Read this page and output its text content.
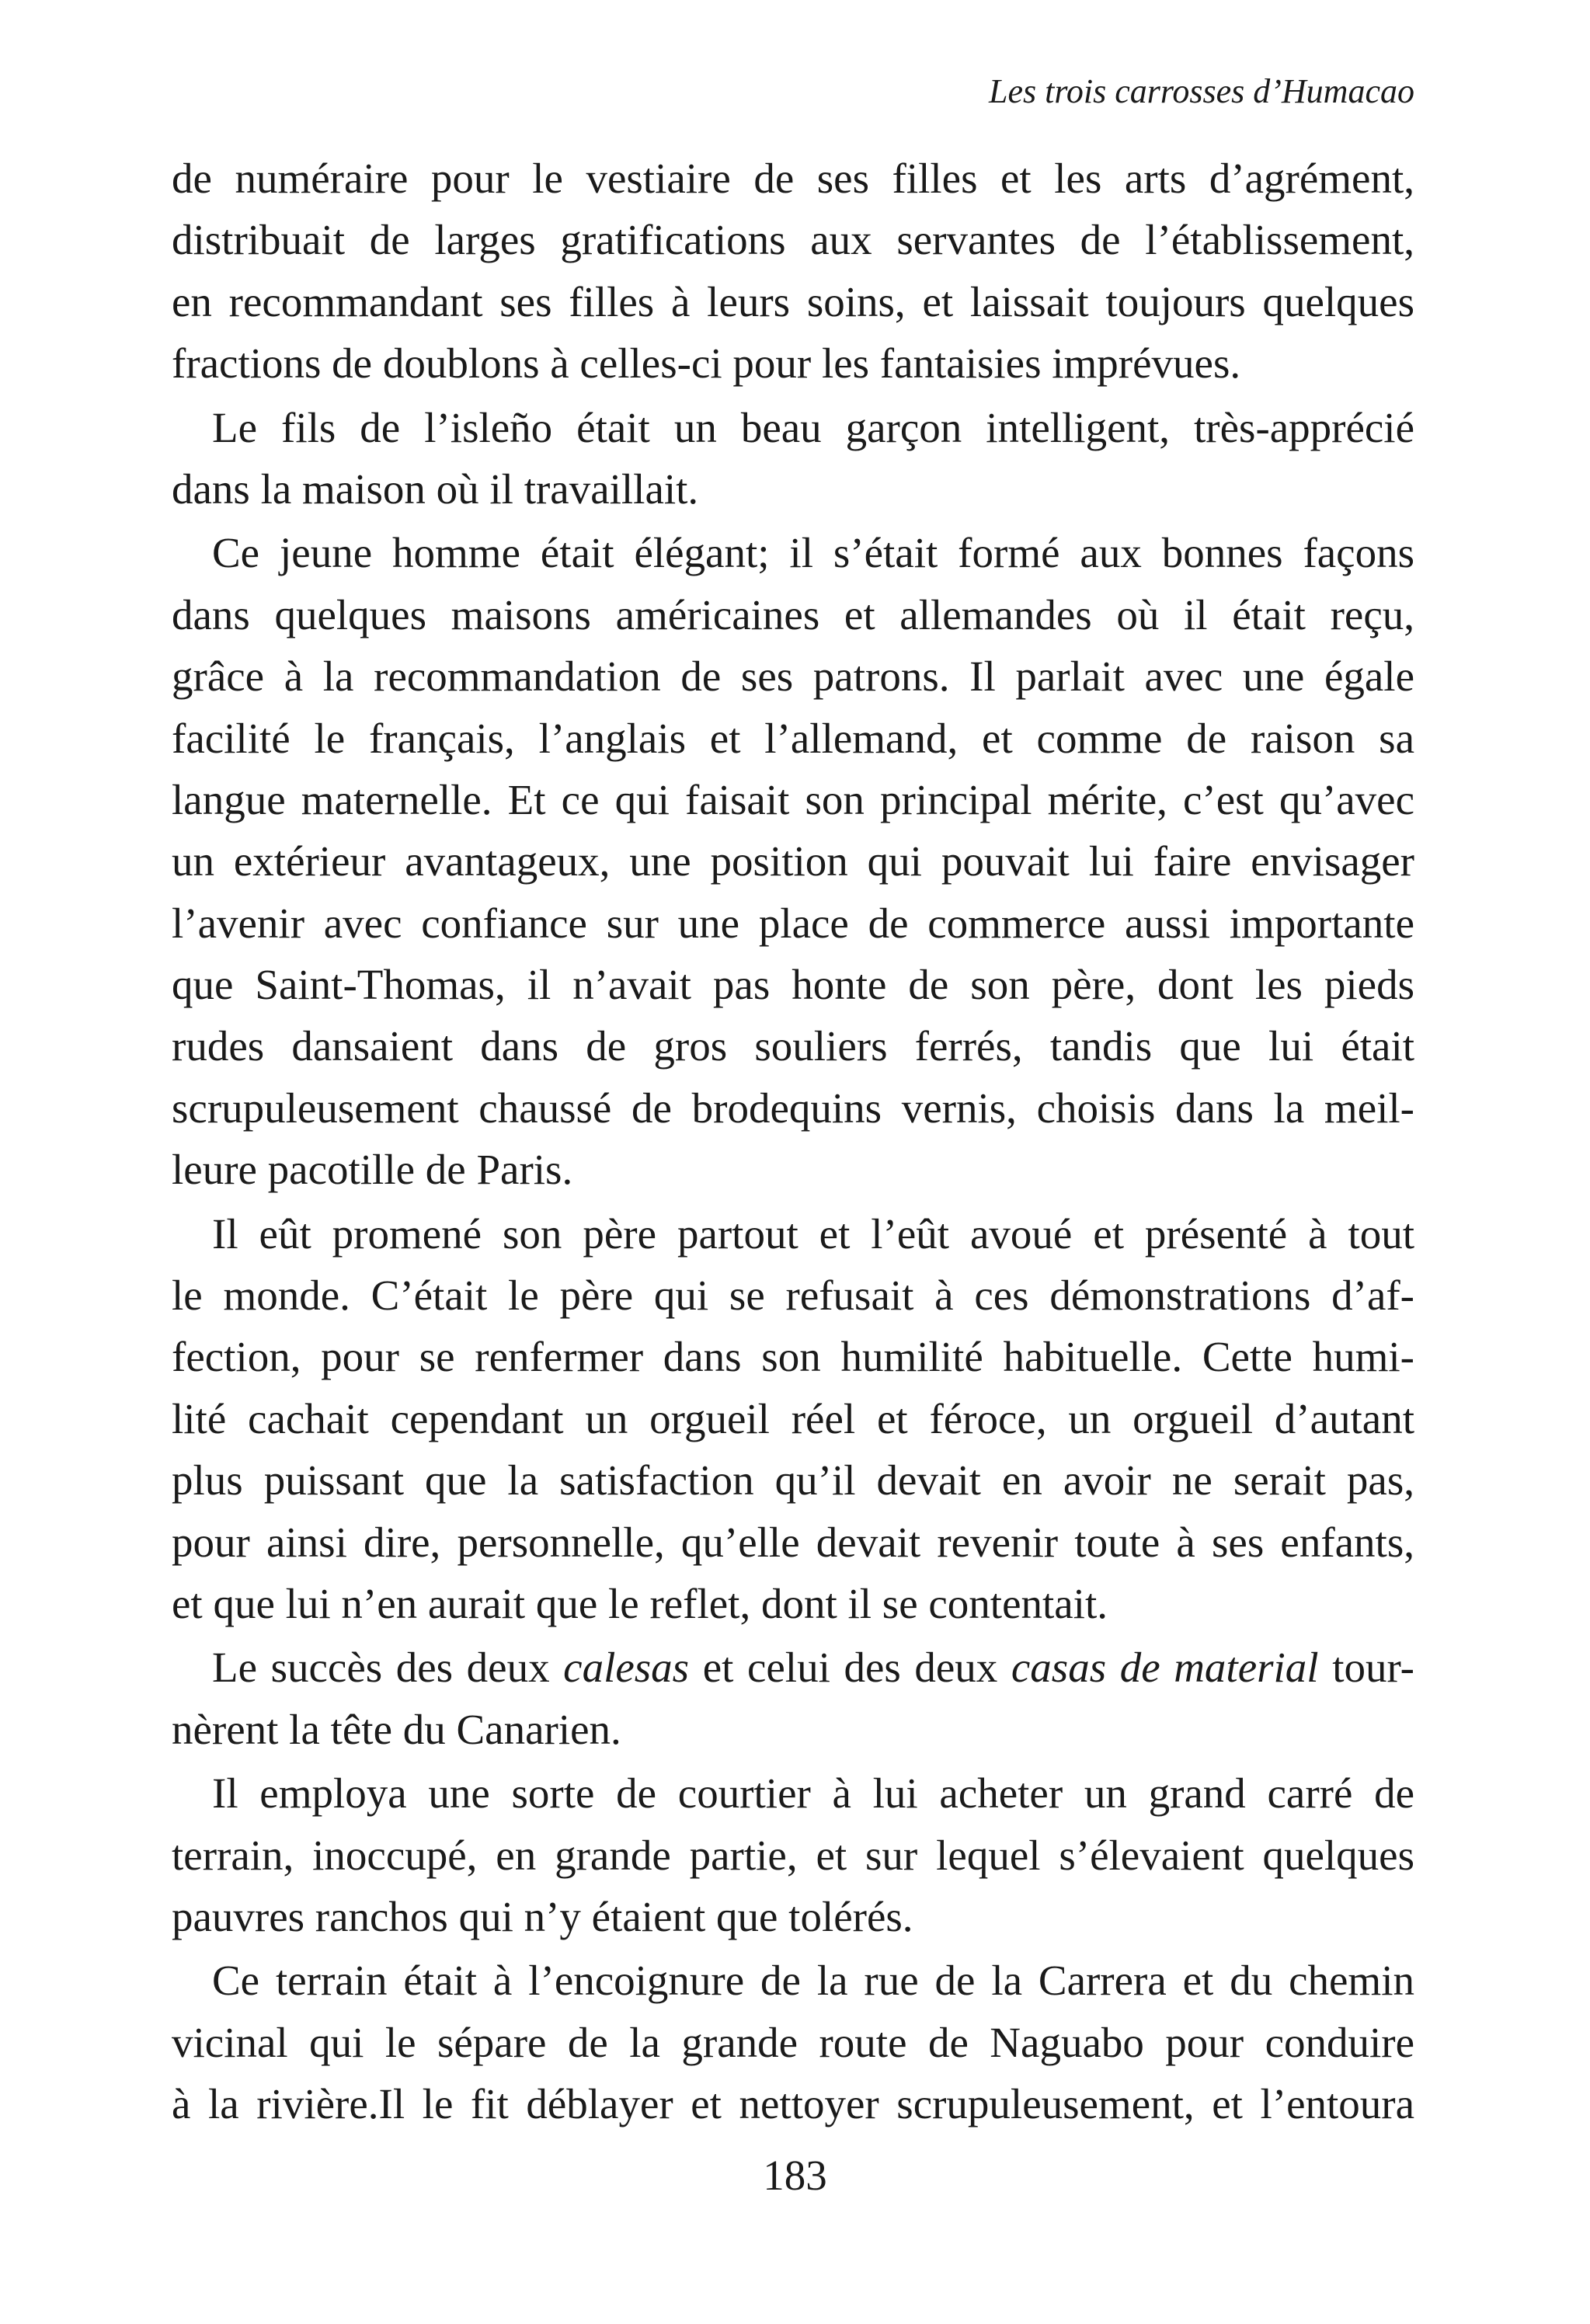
Les trois carrosses d’Humacao
de numéraire pour le vestiaire de ses filles et les arts d’agrément,
distribuait de larges gratifications aux servantes de l’établissement,
en recommandant ses filles à leurs soins, et laissait toujours quelques
fractions de doublons à celles-ci pour les fantaisies imprévues.
Le fils de l’isleño était un beau garçon intelligent, très-apprécié
dans la maison où il travaillait.
Ce jeune homme était élégant; il s’était formé aux bonnes façons
dans quelques maisons américaines et allemandes où il était reçu,
grâce à la recommandation de ses patrons. Il parlait avec une égale
facilité le français, l’anglais et l’allemand, et comme de raison sa
langue maternelle. Et ce qui faisait son principal mérite, c’est qu’avec
un extérieur avantageux, une position qui pouvait lui faire envisager
l’avenir avec confiance sur une place de commerce aussi importante
que Saint-Thomas, il n’avait pas honte de son père, dont les pieds
rudes dansaient dans de gros souliers ferrés, tandis que lui était
scrupuleusement chaussé de brodequins vernis, choisis dans la meil-
leure pacotille de Paris.
Il eût promené son père partout et l’eût avoué et présenté à tout
le monde. C’était le père qui se refusait à ces démonstrations d’af-
fection, pour se renfermer dans son humilité habituelle. Cette humi-
lité cachait cependant un orgueil réel et féroce, un orgueil d’autant
plus puissant que la satisfaction qu’il devait en avoir ne serait pas,
pour ainsi dire, personnelle, qu’elle devait revenir toute à ses enfants,
et que lui n’en aurait que le reflet, dont il se contentait.
Le succès des deux calesas et celui des deux casas de material tour-
nèrent la tête du Canarien.
Il employa une sorte de courtier à lui acheter un grand carré de
terrain, inoccupé, en grande partie, et sur lequel s’élevaient quelques
pauvres ranchos qui n’y étaient que tolérés.
Ce terrain était à l’encoignure de la rue de la Carrera et du chemin
vicinal qui le sépare de la grande route de Naguabo pour conduire
à la rivière.Il le fit déblayer et nettoyer scrupuleusement, et l’entoura
183
